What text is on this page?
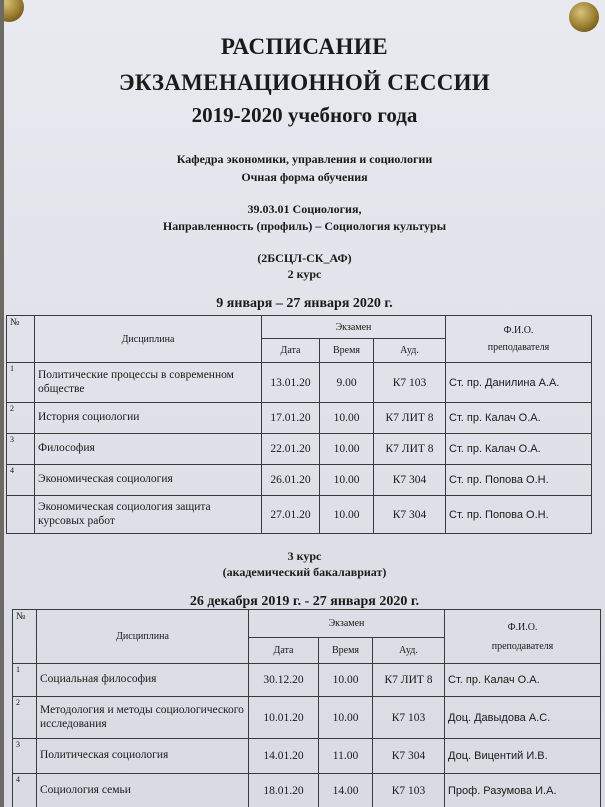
РАСПИСАНИЕ
ЭКЗАМЕНАЦИОННОЙ СЕССИИ
2019-2020 учебного года
Кафедра экономики, управления и социологии
Очная форма обучения
39.03.01 Социология,
Направленность (профиль) – Социология культуры
(2БСЦЛ-СК_АФ)
2 курс
9 января – 27 января 2020 г.
№	Дисциплина	Экзамен			Ф.И.О.
преподавателя

		Дата	Время	Ауд.	
1	Политические процессы в современном обществе	13.01.20	9.00	К7 103	Ст. пр. Данилина А.А.
2	История социологии	17.01.20	10.00	К7 ЛИТ 8	Ст. пр. Калач О.А.
3	Философия	22.01.20	10.00	К7 ЛИТ 8	Ст. пр. Калач О.А.
4	Экономическая социология	26.01.20	10.00	К7 304	Ст. пр. Попова О.Н.
	Экономическая социология защита курсовых работ	27.01.20	10.00	К7 304	Ст. пр. Попова О.Н.
3 курс
(академический бакалавриат)
26 декабря 2019 г. - 27 января 2020 г.
№	Дисциплина	Экзамен			Ф.И.О.
преподавателя

		Дата	Время	Ауд.	
1	Социальная философия	30.12.20	10.00	К7 ЛИТ 8	Ст. пр. Калач О.А.
2	Методология и методы социологического исследования	10.01.20	10.00	К7 103	Доц. Давыдова А.С.
3	Политическая социология	14.01.20	11.00	К7 304	Доц. Вицентий И.В.
4	Социология семьи	18.01.20	14.00	К7 103	Проф. Разумова И.А.
